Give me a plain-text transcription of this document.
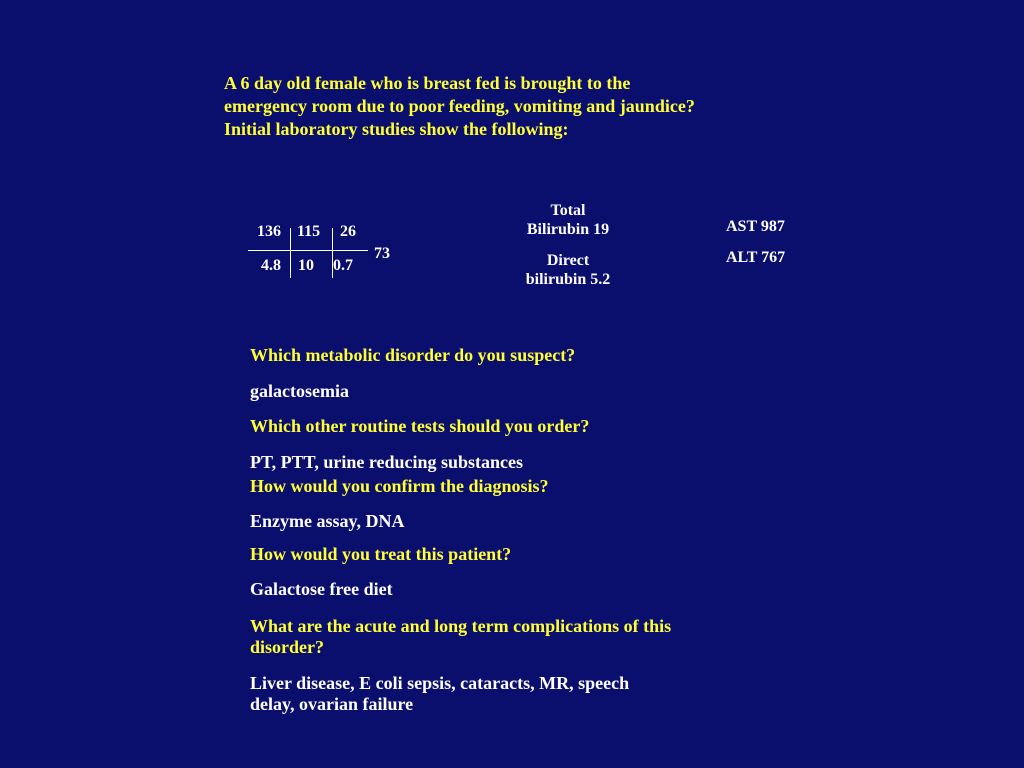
A 6 day old female who is breast fed is brought to the
emergency room due to poor feeding, vomiting and jaundice?
Initial laboratory studies show the following:
136 115 26
4.8 10 0.7
73
Total
Bilirubin 19
Direct
bilirubin 5.2
AST 987
ALT 767
Which metabolic disorder do you suspect?
galactosemia
Which other routine tests should you order?
PT, PTT, urine reducing substances
How would you confirm the diagnosis?
Enzyme assay, DNA
How would you treat this patient?
Galactose free diet
What are the acute and long term complications of this
disorder?
Liver disease, E coli sepsis, cataracts, MR, speech
delay, ovarian failure
